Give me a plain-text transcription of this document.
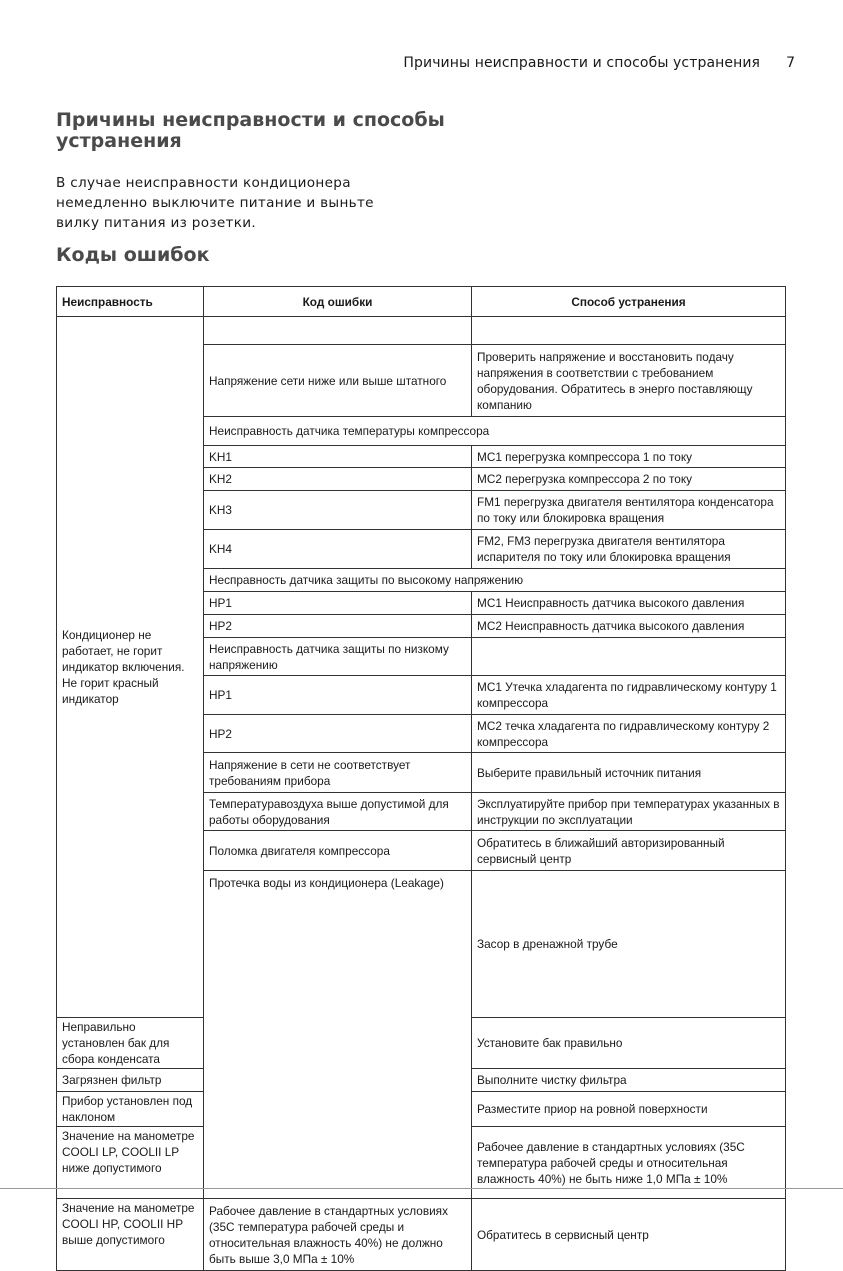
Причины неисправности и способы устранения 7
Причины неисправности и способы устранения
В случае неисправности кондиционера немедленно выключите питание и выньте вилку питания из розетки.
Коды ошибок
Неисправность	Код ошибки	Способ устранения	
Кондиционер не работает, не горит индикатор включения. Не горит красный индикатор			
	Напряжение сети ниже или выше штатного	Проверить напряжение и восстановить подачу напряжения в соответствии с требованием оборудования. Обратитесь в энерго поставляющу компанию	
	Неисправность датчика температуры компрессора		
	KH1	MC1 перегрузка компрессора 1 по току	
	KH2	MC2 перегрузка компрессора 2 по току	
	KH3	FM1 перегрузка двигателя вентилятора конденсатора по току или блокировка вращения	
	KH4	FM2, FM3 перегрузка двигателя вентилятора испарителя по току или блокировка вращения	
	Несправность датчика защиты по высокому напряжению		
	HP1	MC1 Неисправность датчика высокого давления	
	HP2	MC2 Неисправность датчика высокого давления	
	Неисправность датчика защиты по низкому напряжению		
	HP1	MC1 Утечка хладагента по гидравлическому контуру 1 компрессора	
	HP2	MC2 течка хладагента по гидравлическому контуру 2 компрессора	
	Напряжение в сети не соответствует требованиям прибора	Выберите правильный источник питания	
	Температуравоздуха выше допустимой для работы оборудования	Эксплуатируйте прибор при температурах указанных в инструкции по эксплуатации	
	Поломка двигателя компрессора	Обратитесь в ближайший авторизированный сервисный центр	
	Протечка воды из кондиционера (Leakage)	Засор в дренажной трубе	
Неправильно установлен бак для сбора конденсата		Установите бак правильно	
Загрязнен фильтр		Выполните чистку фильтра	
Прибор установлен под наклоном		Разместите приор на ровной поверхности	
Значение на манометре COOLI LP, COOLII LP ниже допустимого		Рабочее давление в стандартных условиях (35С температура рабочей среды и относительная влажность 40%) не быть ниже 1,0 МПа ± 10%	
Значение на манометре COOLI HP, COOLII HP выше допустимого	Рабочее давление в стандартных условиях (35С температура рабочей среды и относительная влажность 40%) не должно быть выше 3,0 МПа ± 10%	Обратитесь в сервисный центр	
